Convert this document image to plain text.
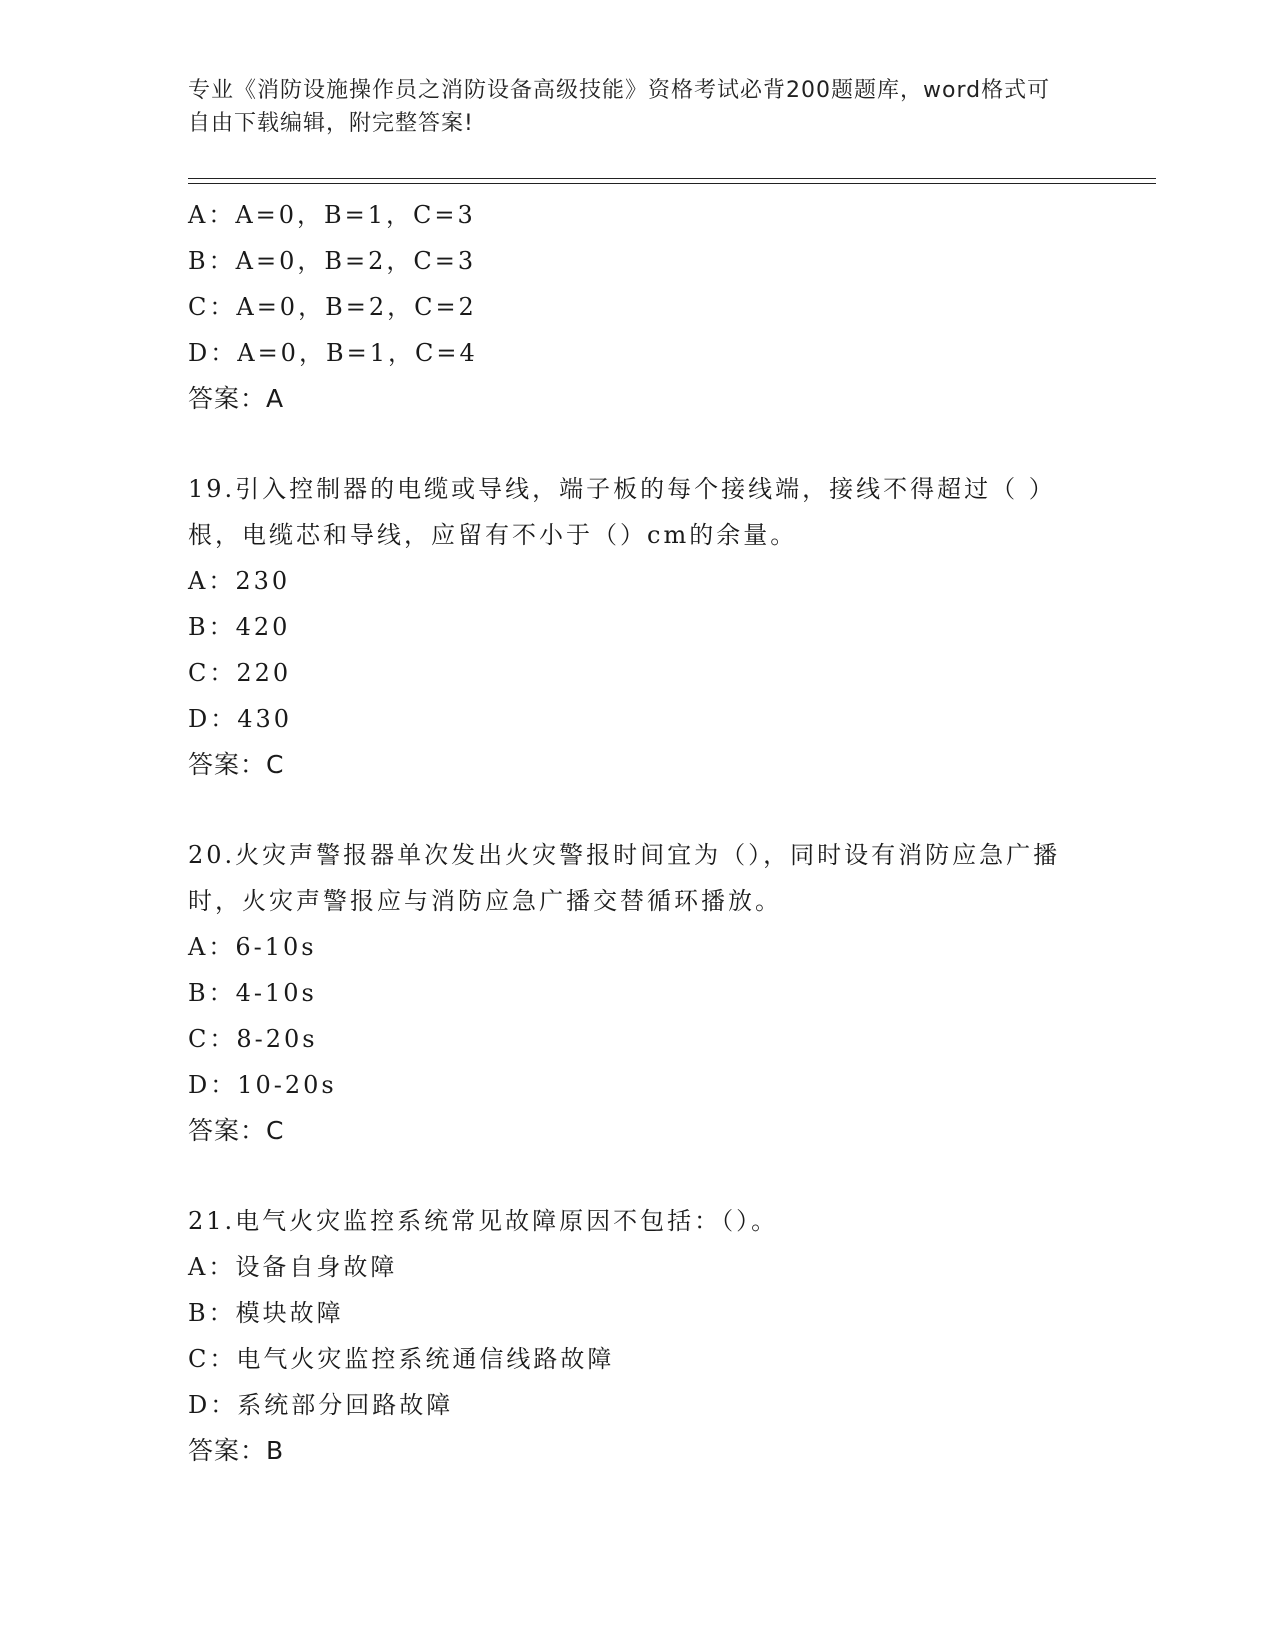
专业《消防设施操作员之消防设备高级技能》资格考试必背200题题库，word格式可自由下载编辑，附完整答案!
A：A=0，B=1，C=3
B：A=0，B=2，C=3
C：A=0，B=2，C=2
D：A=0，B=1，C=4
答案：A
19.引入控制器的电缆或导线，端子板的每个接线端，接线不得超过（ ）根，电缆芯和导线，应留有不小于（）cm的余量。
A：230
B：420
C：220
D：430
答案：C
20.火灾声警报器单次发出火灾警报时间宜为（），同时设有消防应急广播时，火灾声警报应与消防应急广播交替循环播放。
A：6-10s
B：4-10s
C：8-20s
D：10-20s
答案：C
21.电气火灾监控系统常见故障原因不包括：（）。
A：设备自身故障
B：模块故障
C：电气火灾监控系统通信线路故障
D：系统部分回路故障
答案：B
